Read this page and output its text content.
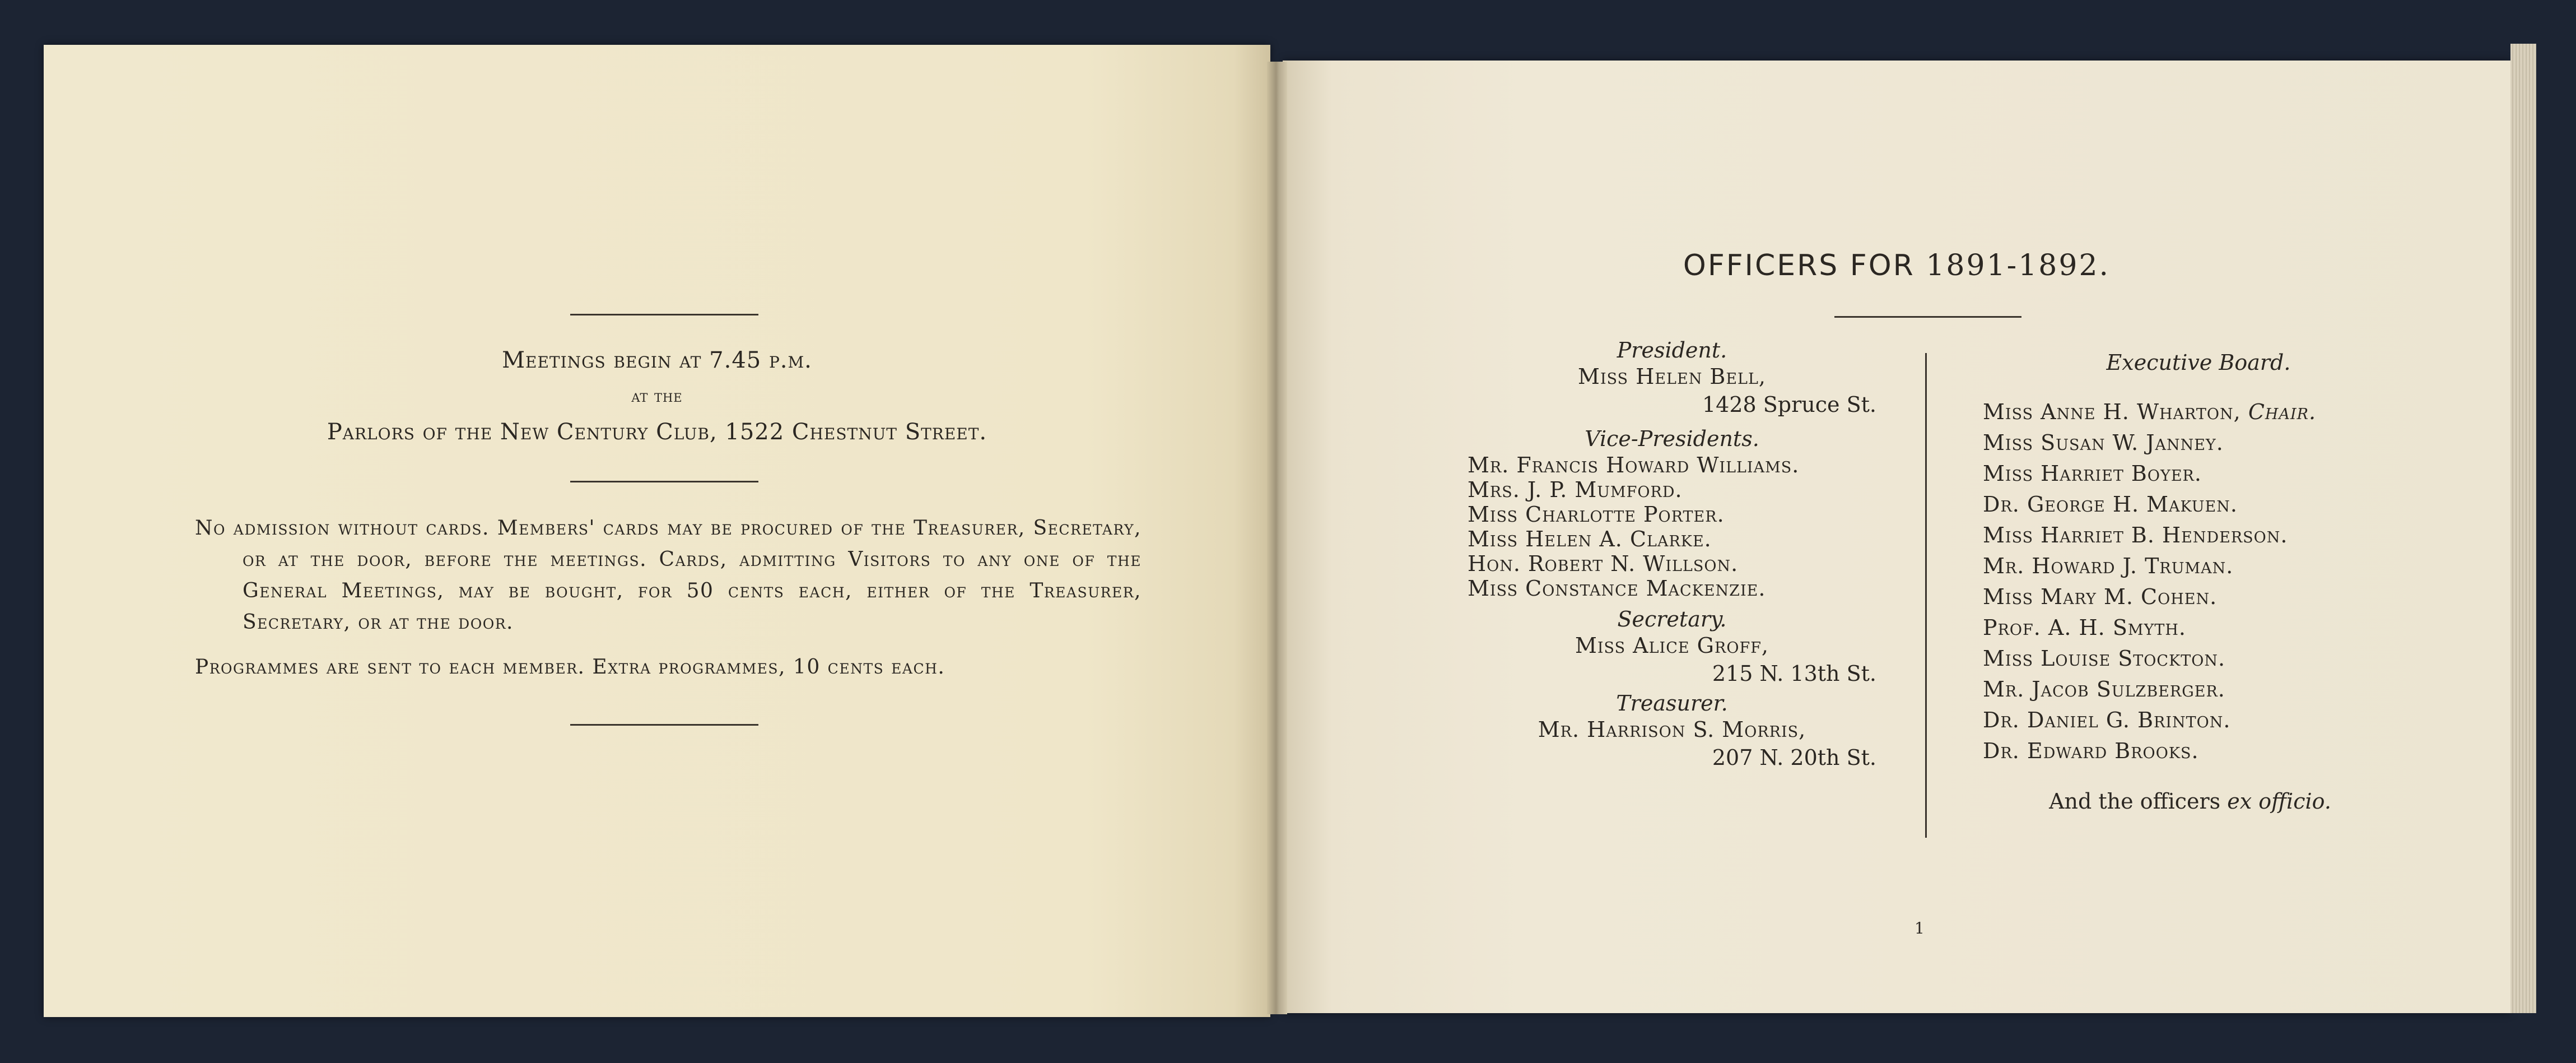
Meetings begin at 7.45 p.m.
at the
Parlors of the New Century Club, 1522 Chestnut Street.

No admission without cards. Members' cards may be procured of the Treasurer, Secretary, or at the door, before the meetings. Cards, admitting Visitors to any one of the General Meetings, may be bought, for 50 cents each, either of the Treasurer, Secretary, or at the door.

Programmes are sent to each member. Extra programmes, 10 cents each.
OFFICERS FOR 1891-1892.

President.

Miss Helen Bell,

1428 Spruce St.

Vice-Presidents.

Mr. Francis Howard Williams.

Mrs. J. P. Mumford.

Miss Charlotte Porter.

Miss Helen A. Clarke.

Hon. Robert N. Willson.

Miss Constance Mackenzie.

Secretary.

Miss Alice Groff,

215 N. 13th St.

Treasurer.

Mr. Harrison S. Morris,

207 N. 20th St.

Executive Board.

Miss Anne H. Wharton, Chair.

Miss Susan W. Janney.

Miss Harriet Boyer.

Dr. George H. Makuen.

Miss Harriet B. Henderson.

Mr. Howard J. Truman.

Miss Mary M. Cohen.

Prof. A. H. Smyth.

Miss Louise Stockton.

Mr. Jacob Sulzberger.

Dr. Daniel G. Brinton.

Dr. Edward Brooks.

And the officers ex officio.

1
